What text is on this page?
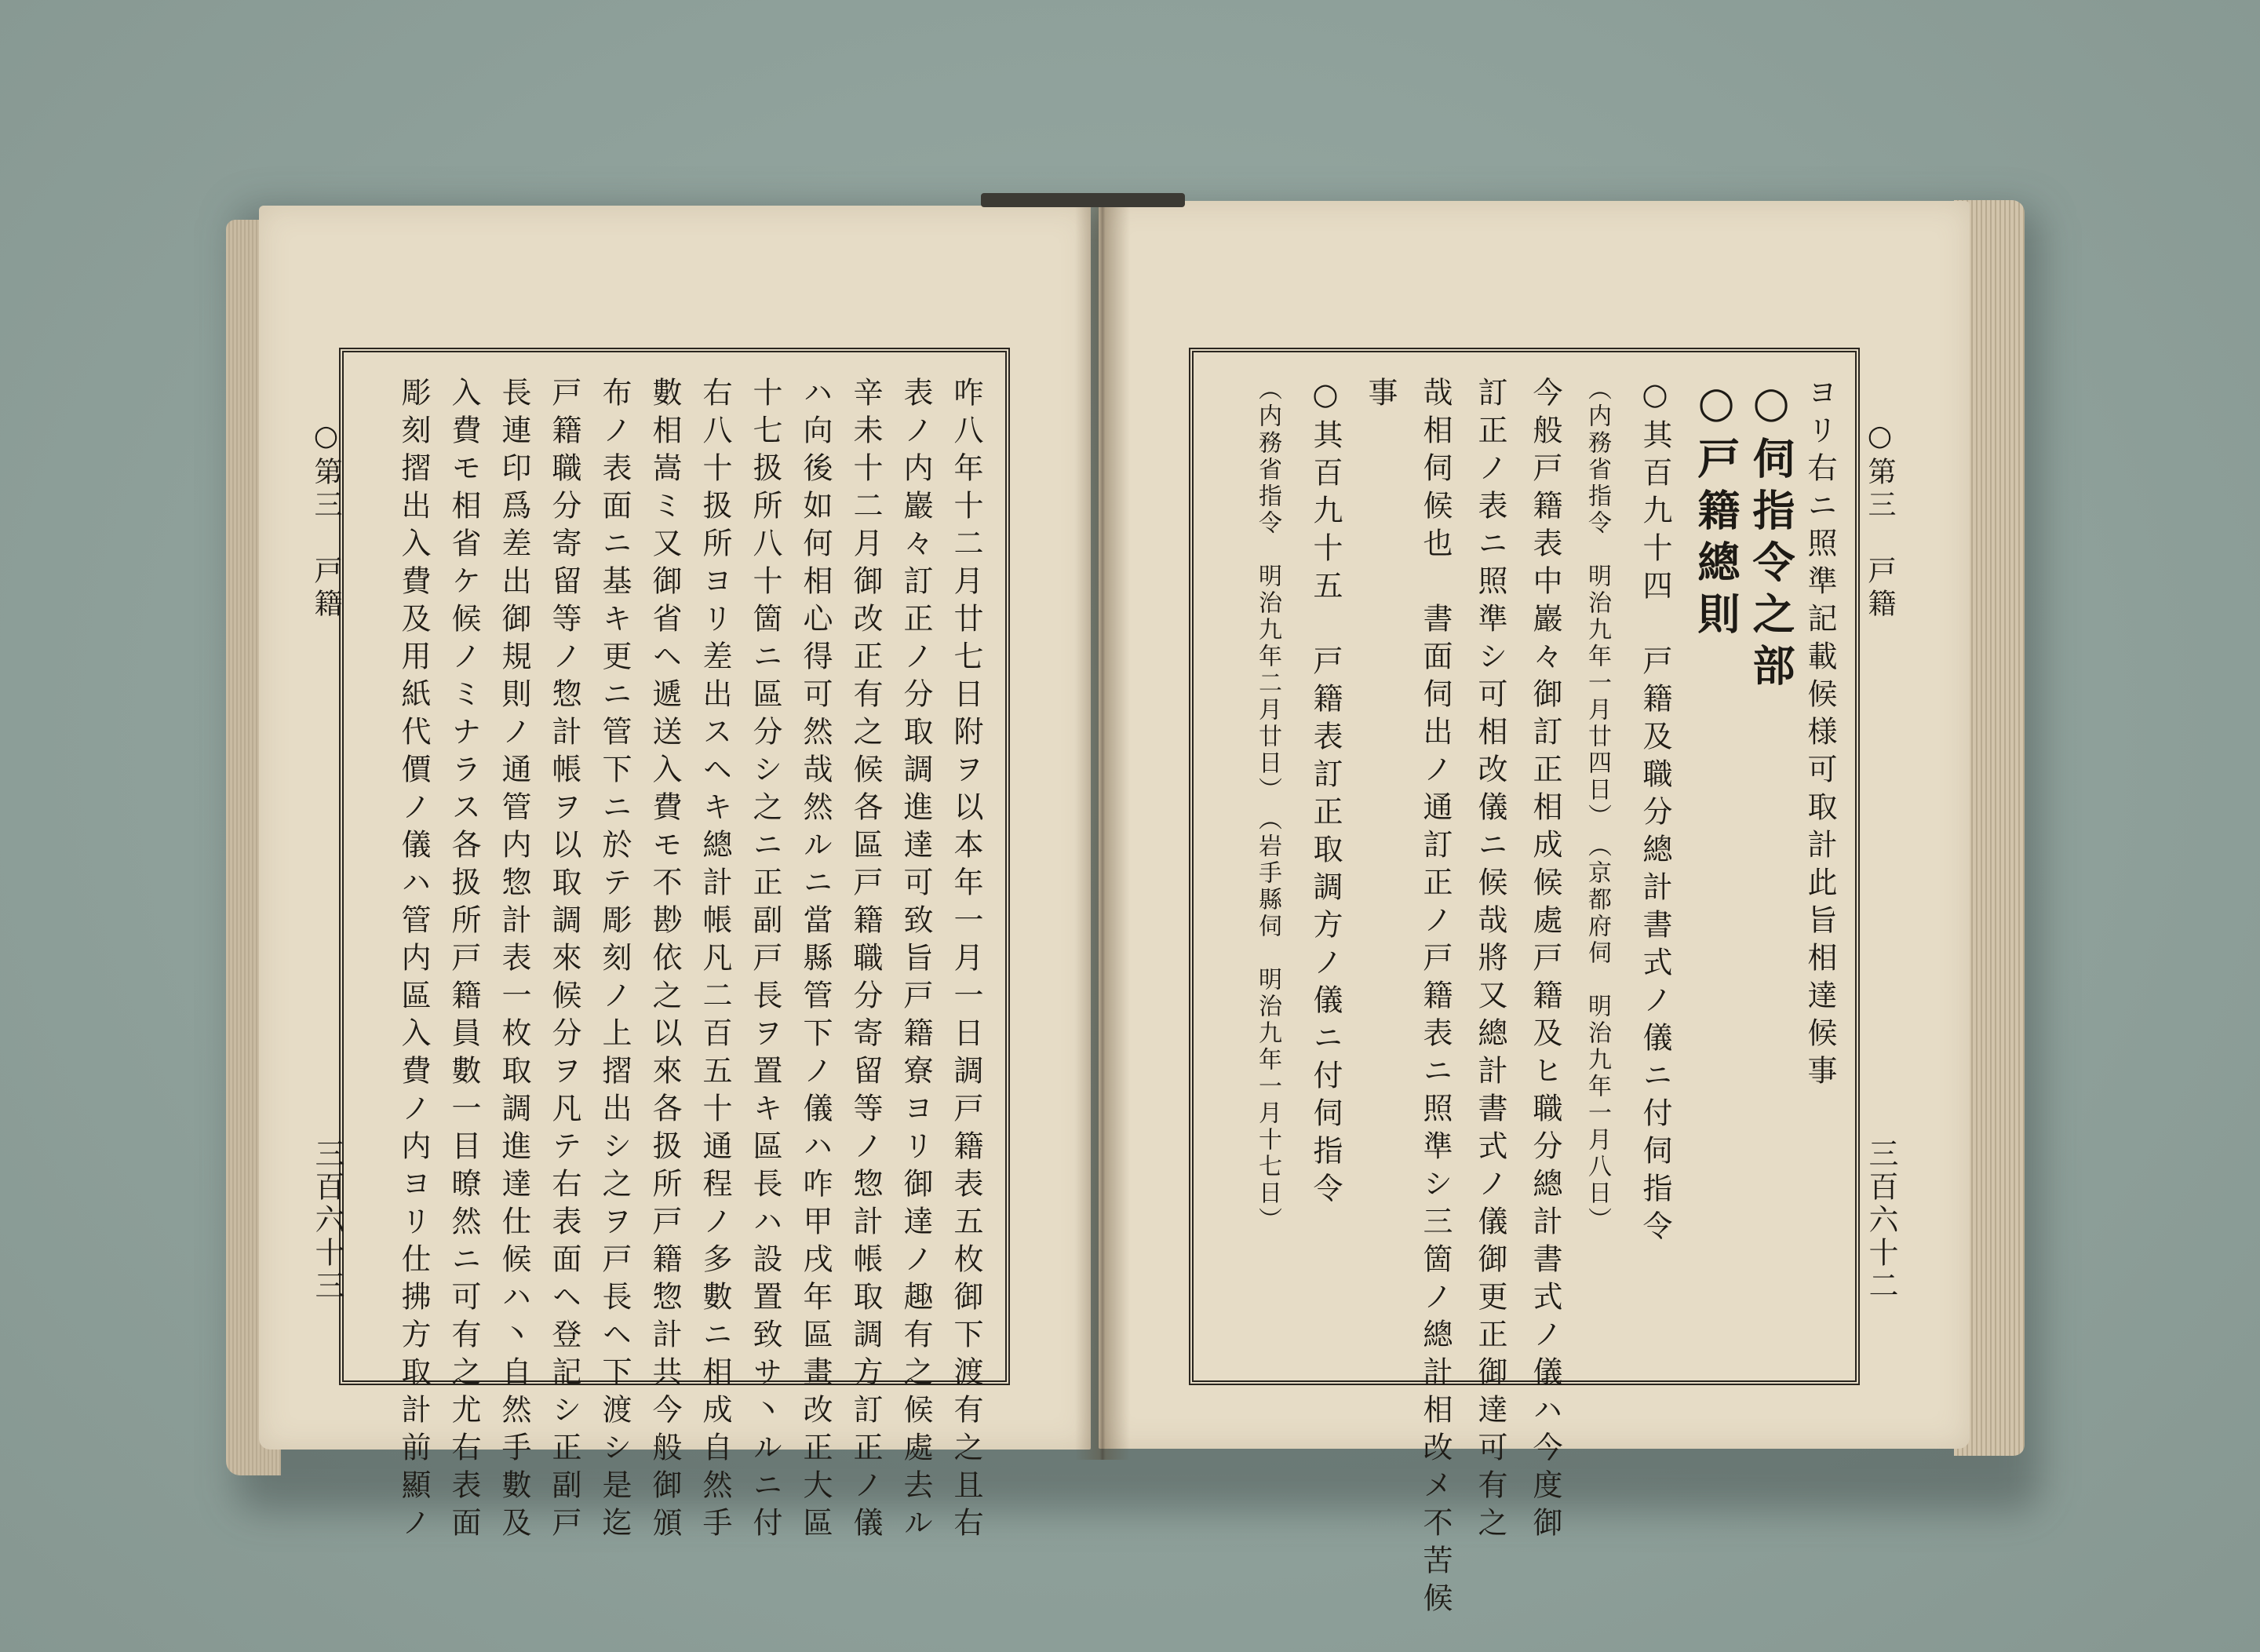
○第三　戸籍
三百六十三	咋八年十二月廿七日附ヲ以本年一月一日調戸籍表五枚御下渡有之且右
表ノ内巖々訂正ノ分取調進達可致旨戸籍寮ヨリ御達ノ趣有之候處去ル
辛未十二月御改正有之候各區戸籍職分寄留等ノ惣計帳取調方訂正ノ儀
ハ向後如何相心得可然哉然ルニ當縣管下ノ儀ハ咋甲戌年區畫改正大區
十七扱所八十箇ニ區分シ之ニ正副戸長ヲ置キ區長ハ設置致サ丶ルニ付
右八十扱所ヨリ差出スヘキ總計帳凡二百五十通程ノ多數ニ相成自然手
數相嵩ミ又御省ヘ遞送入費モ不尠依之以來各扱所戸籍惣計共今般御頒
布ノ表面ニ基キ更ニ管下ニ於テ彫刻ノ上摺出シ之ヲ戸長ヘ下渡シ是迄
戸籍職分寄留等ノ惣計帳ヲ以取調來候分ヲ凡テ右表面ヘ登記シ正副戸
長連印爲差出御規則ノ通管内惣計表一枚取調進達仕候ハ丶自然手數及
入費モ相省ケ候ノミナラス各扱所戸籍員數一目暸然ニ可有之尤右表面
彫刻摺出入費及用紙代價ノ儀ハ管内區入費ノ内ヨリ仕拂方取計前顯ノ	○第三　戸籍
三百六十二
ヨリ右ニ照準記載候様可取計此旨相達候事
○伺指令之部
○戸籍總則
○其百九十四　戸籍及職分總計書式ノ儀ニ付伺指令
（内務省指令　明治九年一月廿四日）　（京都府伺　明治九年一月八日）
今般戸籍表中巖々御訂正相成候處戸籍及ヒ職分總計書式ノ儀ハ今度御
訂正ノ表ニ照準シ可相改儀ニ候哉將又總計書式ノ儀御更正御達可有之
哉相伺候也　書面伺出ノ通訂正ノ戸籍表ニ照準シ三箇ノ總計相改メ不苦候
事
○其百九十五　戸籍表訂正取調方ノ儀ニ付伺指令
（内務省指令　明治九年二月廿日）　（岩手縣伺　明治九年一月十七日）
